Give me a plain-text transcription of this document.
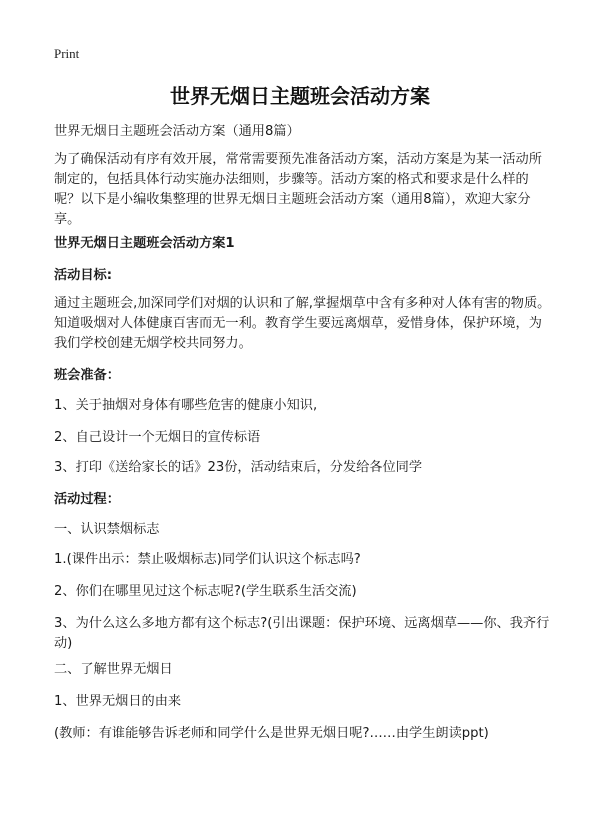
Print
世界无烟日主题班会活动方案

世界无烟日主题班会活动方案（通用8篇）

为了确保活动有序有效开展，常常需要预先准备活动方案，活动方案是为某一活动所制定的，包括具体行动实施办法细则，步骤等。活动方案的格式和要求是什么样的呢？以下是小编收集整理的世界无烟日主题班会活动方案（通用8篇），欢迎大家分享。

世界无烟日主题班会活动方案1

活动目标:

通过主题班会,加深同学们对烟的认识和了解,掌握烟草中含有多种对人体有害的物质。知道吸烟对人体健康百害而无一利。教育学生要远离烟草，爱惜身体，保护环境，为我们学校创建无烟学校共同努力。

班会准备：

1、关于抽烟对身体有哪些危害的健康小知识,

2、自己设计一个无烟日的宣传标语

3、打印《送给家长的话》23份，活动结束后，分发给各位同学

活动过程：

一、认识禁烟标志

1.(课件出示：禁止吸烟标志)同学们认识这个标志吗?

2、你们在哪里见过这个标志呢?(学生联系生活交流)

3、为什么这么多地方都有这个标志?(引出课题：保护环境、远离烟草——你、我齐行动)

二、了解世界无烟日

1、世界无烟日的由来

(教师：有谁能够告诉老师和同学什么是世界无烟日呢?……由学生朗读ppt)
